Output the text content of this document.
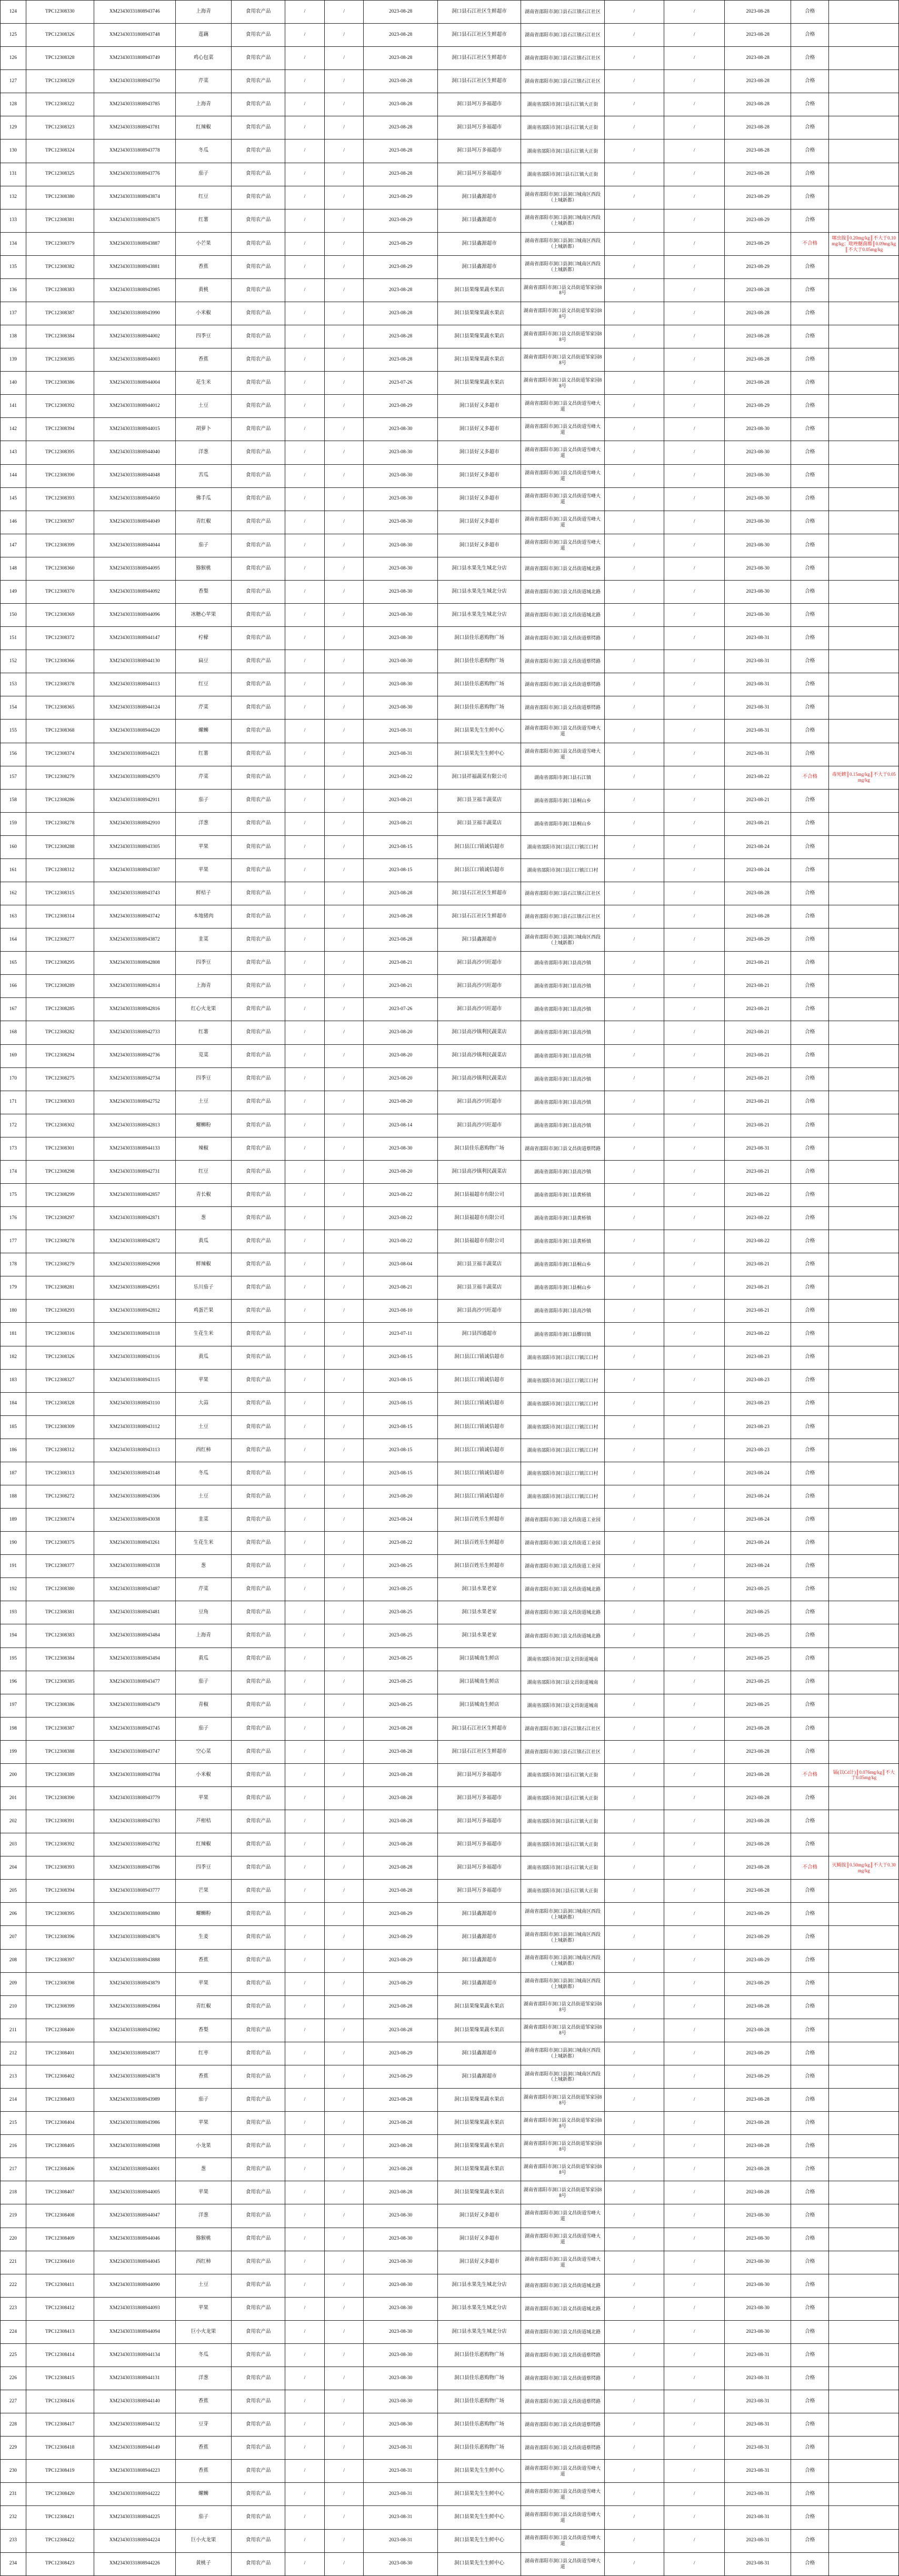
124	TPC12308330	XM23430331808943746	上海青	食用农产品	/	/	2023-08-28	洞口县石江社区生鲜超市	湖南省邵阳市洞口县石江镇石江社区	/	/	2023-08-28	合格	
125	TPC12308326	XM23430331808943748	莲藕	食用农产品	/	/	2023-08-28	洞口县石江社区生鲜超市	湖南省邵阳市洞口县石江镇石江社区	/	/	2023-08-28	合格	
126	TPC12308328	XM23430331808943749	鸡心包菜	食用农产品	/	/	2023-08-28	洞口县石江社区生鲜超市	湖南省邵阳市洞口县石江镇石江社区	/	/	2023-08-28	合格	
127	TPC12308329	XM23430331808943750	芹菜	食用农产品	/	/	2023-08-28	洞口县石江社区生鲜超市	湖南省邵阳市洞口县石江镇石江社区	/	/	2023-08-28	合格	
128	TPC12308322	XM23430331808943785	上海青	食用农产品	/	/	2023-08-28	洞口县坷万多福超市	湖南省邵阳市洞口县石江镇大正街	/	/	2023-08-28	合格	
129	TPC12308323	XM23430331808943781	红辣椒	食用农产品	/	/	2023-08-28	洞口县坷万多福超市	湖南省邵阳市洞口县石江镇大正街	/	/	2023-08-28	合格	
130	TPC12308324	XM23430331808943778	冬瓜	食用农产品	/	/	2023-08-28	洞口县坷万多福超市	湖南省邵阳市洞口县石江镇大正街	/	/	2023-08-28	合格	
131	TPC12308325	XM23430331808943776	茄子	食用农产品	/	/	2023-08-28	洞口县坷万多福超市	湖南省邵阳市洞口县石江镇大正街	/	/	2023-08-28	合格	
132	TPC12308380	XM23430331808943874	红豆	食用农产品	/	/	2023-08-29	洞口县鑫源超市	湖南省邵阳市洞口县洞口城南区西段（上城新都）	/	/	2023-08-29	合格	
133	TPC12308381	XM23430331808943875	红薯	食用农产品	/	/	2023-08-29	洞口县鑫源超市	湖南省邵阳市洞口县洞口城南区西段（上城新都）	/	/	2023-08-29	合格	
134	TPC12308379	XM23430331808943887	小芒果	食用农产品	/	/	2023-08-29	洞口县鑫源超市	湖南省邵阳市洞口县洞口城南区西段（上城新都）	/	/	2023-08-29	不合格	噻虫胺║0.20mg/kg║不大于0.10mg/kg；吡唑醚菌酯║0.09mg/kg║不大于0.05mg/kg
135	TPC12308382	XM23430331808943881	香蕉	食用农产品	/	/	2023-08-29	洞口县鑫源超市	湖南省邵阳市洞口县洞口城南区西段（上城新都）	/	/	2023-08-29	合格	
136	TPC12308383	XM23430331808943985	黄桃	食用农产品	/	/	2023-08-28	洞口县果缘果蔬水果店	湖南省邵阳市洞口县文昌街道邹家园88号	/	/	2023-08-28	合格	
137	TPC12308387	XM23430331808943990	小米椒	食用农产品	/	/	2023-08-28	洞口县果缘果蔬水果店	湖南省邵阳市洞口县文昌街道邹家园88号	/	/	2023-08-28	合格	
138	TPC12308384	XM23430331808944002	四季豆	食用农产品	/	/	2023-08-28	洞口县果缘果蔬水果店	湖南省邵阳市洞口县文昌街道邹家园88号	/	/	2023-08-28	合格	
139	TPC12308385	XM23430331808944003	香蕉	食用农产品	/	/	2023-08-28	洞口县果缘果蔬水果店	湖南省邵阳市洞口县文昌街道邹家园88号	/	/	2023-08-28	合格	
140	TPC12308386	XM23430331808944004	花生米	食用农产品	/	/	2023-07-26	洞口县果缘果蔬水果店	湖南省邵阳市洞口县文昌街道邹家园88号	/	/	2023-08-28	合格	
141	TPC12308392	XM23430331808944012	土豆	食用农产品	/	/	2023-08-29	洞口县好又多超市	湖南省邵阳市洞口县文昌街道雪峰大道	/	/	2023-08-29	合格	
142	TPC12308394	XM23430331808944015	胡萝卜	食用农产品	/	/	2023-08-30	洞口县好又多超市	湖南省邵阳市洞口县文昌街道雪峰大道	/	/	2023-08-30	合格	
143	TPC12308395	XM23430331808944040	洋葱	食用农产品	/	/	2023-08-30	洞口县好又多超市	湖南省邵阳市洞口县文昌街道雪峰大道	/	/	2023-08-30	合格	
144	TPC12308390	XM23430331808944048	苦瓜	食用农产品	/	/	2023-08-30	洞口县好又多超市	湖南省邵阳市洞口县文昌街道雪峰大道	/	/	2023-08-30	合格	
145	TPC12308393	XM23430331808944050	佛手瓜	食用农产品	/	/	2023-08-30	洞口县好又多超市	湖南省邵阳市洞口县文昌街道雪峰大道	/	/	2023-08-30	合格	
146	TPC12308397	XM23430331808944049	青红椒	食用农产品	/	/	2023-08-30	洞口县好又多超市	湖南省邵阳市洞口县文昌街道雪峰大道	/	/	2023-08-30	合格	
147	TPC12308399	XM23430331808944044	茄子	食用农产品	/	/	2023-08-30	洞口县好又多超市	湖南省邵阳市洞口县文昌街道雪峰大道	/	/	2023-08-30	合格	
148	TPC12308360	XM23430331808944095	猕猴桃	食用农产品	/	/	2023-08-30	洞口县水果先生城北分店	湖南省邵阳市洞口县文昌街道城北路	/	/	2023-08-30	合格	
149	TPC12308370	XM23430331808944092	香梨	食用农产品	/	/	2023-08-30	洞口县水果先生城北分店	湖南省邵阳市洞口县文昌街道城北路	/	/	2023-08-30	合格	
150	TPC12308369	XM23430331808944096	冰糖心苹果	食用农产品	/	/	2023-08-30	洞口县水果先生城北分店	湖南省邵阳市洞口县文昌街道城北路	/	/	2023-08-30	合格	
151	TPC12308372	XM23430331808944147	柠檬	食用农产品	/	/	2023-08-30	洞口县佳乐惠购物广场	湖南省邵阳市洞口县文昌街道蔡锷路	/	/	2023-08-31	合格	
152	TPC12308366	XM23430331808944130	扁豆	食用农产品	/	/	2023-08-30	洞口县佳乐惠购物广场	湖南省邵阳市洞口县文昌街道蔡锷路	/	/	2023-08-31	合格	
153	TPC12308378	XM23430331808944113	红豆	食用农产品	/	/	2023-08-30	洞口县佳乐惠购物广场	湖南省邵阳市洞口县文昌街道蔡锷路	/	/	2023-08-31	合格	
154	TPC12308365	XM23430331808944124	芹菜	食用农产品	/	/	2023-08-30	洞口县佳乐惠购物广场	湖南省邵阳市洞口县文昌街道蔡锷路	/	/	2023-08-31	合格	
155	TPC12308368	XM23430331808944220	螺蛳	食用农产品	/	/	2023-08-31	洞口县果先生生鲜中心	湖南省邵阳市洞口县文昌街道雪峰大道	/	/	2023-08-31	合格	
156	TPC12308374	XM23430331808944221	红薯	食用农产品	/	/	2023-08-31	洞口县果先生生鲜中心	湖南省邵阳市洞口县文昌街道雪峰大道	/	/	2023-08-31	合格	
157	TPC12308279	XM23430331808942970	芹菜	食用农产品	/	/	2023-08-22	洞口县祥福蔬菜有限公司	湖南省邵阳市洞口县石江镇	/	/	2023-08-22	不合格	毒死蜱║0.15mg/kg║不大于0.05mg/kg
158	TPC12308286	XM23430331808942911	茄子	食用农产品	/	/	2023-08-21	洞口县卫福丰蔬菜店	湖南省邵阳市洞口县桐山乡	/	/	2023-08-21	合格	
159	TPC12308278	XM23430331808942910	洋葱	食用农产品	/	/	2023-08-21	洞口县卫福丰蔬菜店	湖南省邵阳市洞口县桐山乡	/	/	2023-08-21	合格	
160	TPC12308288	XM23430331808943305	苹果	食用农产品	/	/	2023-08-15	洞口县江口镇诚信超市	湖南省邵阳市洞口县江口镇江口村	/	/	2023-08-24	合格	
161	TPC12308312	XM23430331808943307	苹果	食用农产品	/	/	2023-08-15	洞口县江口镇诚信超市	湖南省邵阳市洞口县江口镇江口村	/	/	2023-08-24	合格	
162	TPC12308315	XM23430331808943743	鲜桔子	食用农产品	/	/	2023-08-28	洞口县石江社区生鲜超市	湖南省邵阳市洞口县石江镇石江社区	/	/	2023-08-28	合格	
163	TPC12308314	XM23430331808943742	本地猪肉	食用农产品	/	/	2023-08-28	洞口县石江社区生鲜超市	湖南省邵阳市洞口县石江镇石江社区	/	/	2023-08-28	合格	
164	TPC12308277	XM23430331808943872	韭菜	食用农产品	/	/	2023-08-28	洞口县鑫源超市	湖南省邵阳市洞口县洞口城南区西段（上城新都）	/	/	2023-08-29	合格	
165	TPC12308295	XM23430331808942808	四季豆	食用农产品	/	/	2023-08-21	洞口县高沙兴旺超市	湖南省邵阳市洞口县高沙镇	/	/	2023-08-21	合格	
166	TPC12308289	XM23430331808942814	上海青	食用农产品	/	/	2023-08-21	洞口县高沙兴旺超市	湖南省邵阳市洞口县高沙镇	/	/	2023-08-21	合格	
167	TPC12308285	XM23430331808942816	红心火龙果	食用农产品	/	/	2023-07-26	洞口县高沙兴旺超市	湖南省邵阳市洞口县高沙镇	/	/	2023-08-21	合格	
168	TPC12308282	XM23430331808942733	红薯	食用农产品	/	/	2023-08-20	洞口县高沙镇利民蔬菜店	湖南省邵阳市洞口县高沙镇	/	/	2023-08-21	合格	
169	TPC12308294	XM23430331808942736	苋菜	食用农产品	/	/	2023-08-20	洞口县高沙镇利民蔬菜店	湖南省邵阳市洞口县高沙镇	/	/	2023-08-21	合格	
170	TPC12308275	XM23430331808942734	四季豆	食用农产品	/	/	2023-08-20	洞口县高沙镇利民蔬菜店	湖南省邵阳市洞口县高沙镇	/	/	2023-08-21	合格	
171	TPC12308303	XM23430331808942752	土豆	食用农产品	/	/	2023-08-20	洞口县高沙兴旺超市	湖南省邵阳市洞口县高沙镇	/	/	2023-08-21	合格	
172	TPC12308302	XM23430331808942813	螺蛳粉	食用农产品	/	/	2023-08-14	洞口县高沙兴旺超市	湖南省邵阳市洞口县高沙镇	/	/	2023-08-21	合格	
173	TPC12308301	XM23430331808944133	辣椒	食用农产品	/	/	2023-08-30	洞口县佳乐惠购物广场	湖南省邵阳市洞口县文昌街道蔡锷路	/	/	2023-08-31	合格	
174	TPC12308298	XM23430331808942731	红豆	食用农产品	/	/	2023-08-20	洞口县高沙镇利民蔬菜店	湖南省邵阳市洞口县高沙镇	/	/	2023-08-21	合格	
175	TPC12308299	XM23430331808942857	青长椒	食用农产品	/	/	2023-08-22	洞口县福超市有限公司	湖南省邵阳市洞口县黄桥镇	/	/	2023-08-22	合格	
176	TPC12308297	XM23430331808942871	葱	食用农产品	/	/	2023-08-22	洞口县福超市有限公司	湖南省邵阳市洞口县黄桥镇	/	/	2023-08-22	合格	
177	TPC12308278	XM23430331808942872	黄瓜	食用农产品	/	/	2023-08-22	洞口县福超市有限公司	湖南省邵阳市洞口县黄桥镇	/	/	2023-08-22	合格	
178	TPC12308279	XM23430331808942908	鲜辣椒	食用农产品	/	/	2023-08-04	洞口县卫福丰蔬菜店	湖南省邵阳市洞口县桐山乡	/	/	2023-08-21	合格	
179	TPC12308281	XM23430331808942951	乐川茄子	食用农产品	/	/	2023-08-21	洞口县卫福丰蔬菜店	湖南省邵阳市洞口县桐山乡	/	/	2023-08-21	合格	
180	TPC12308293	XM23430331808942812	鸡蛋芒果	食用农产品	/	/	2023-08-10	洞口县高沙兴旺超市	湖南省邵阳市洞口县高沙镇	/	/	2023-08-21	合格	
181	TPC12308316	XM23430331808943118	生花生米	食用农产品	/	/	2023-07-11	洞口县四通超市	湖南省邵阳市洞口县醪田镇	/	/	2023-08-22	合格	
182	TPC12308326	XM23430331808943116	黄瓜	食用农产品	/	/	2023-08-15	洞口县江口镇诚信超市	湖南省邵阳市洞口县江口镇江口村	/	/	2023-08-23	合格	
183	TPC12308327	XM23430331808943115	苹果	食用农产品	/	/	2023-08-15	洞口县江口镇诚信超市	湖南省邵阳市洞口县江口镇江口村	/	/	2023-08-23	合格	
184	TPC12308328	XM23430331808943110	大蒜	食用农产品	/	/	2023-08-15	洞口县江口镇诚信超市	湖南省邵阳市洞口县江口镇江口村	/	/	2023-08-23	合格	
185	TPC12308309	XM23430331808943112	土豆	食用农产品	/	/	2023-08-15	洞口县江口镇诚信超市	湖南省邵阳市洞口县江口镇江口村	/	/	2023-08-23	合格	
186	TPC12308312	XM23430331808943113	西红柿	食用农产品	/	/	2023-08-15	洞口县江口镇诚信超市	湖南省邵阳市洞口县江口镇江口村	/	/	2023-08-23	合格	
187	TPC12308313	XM23430331808943148	冬瓜	食用农产品	/	/	2023-08-15	洞口县江口镇诚信超市	湖南省邵阳市洞口县江口镇江口村	/	/	2023-08-24	合格	
188	TPC12308272	XM23430331808943306	土豆	食用农产品	/	/	2023-08-20	洞口县江口镇诚信超市	湖南省邵阳市洞口县江口镇江口村	/	/	2023-08-24	合格	
189	TPC12308374	XM23430331808943038	韭菜	食用农产品	/	/	2023-08-24	洞口县百姓乐生鲜超市	湖南省邵阳市洞口县文昌街道工业园	/	/	2023-08-24	合格	
190	TPC12308375	XM23430331808943261	生花生米	食用农产品	/	/	2023-08-22	洞口县百姓乐生鲜超市	湖南省邵阳市洞口县文昌街道工业园	/	/	2023-08-24	合格	
191	TPC12308377	XM23430331808943338	葱	食用农产品	/	/	2023-08-25	洞口县百姓乐生鲜超市	湖南省邵阳市洞口县文昌街道工业园	/	/	2023-08-24	合格	
192	TPC12308380	XM23430331808943487	芹菜	食用农产品	/	/	2023-08-25	洞口县水果老家	湖南省邵阳市洞口县文昌街道城北路	/	/	2023-08-25	合格	
193	TPC12308381	XM23430331808943481	豆角	食用农产品	/	/	2023-08-25	洞口县水果老家	湖南省邵阳市洞口县文昌街道城北路	/	/	2023-08-25	合格	
194	TPC12308383	XM23430331808943484	上海青	食用农产品	/	/	2023-08-25	洞口县水果老家	湖南省邵阳市洞口县文昌街道城北路	/	/	2023-08-25	合格	
195	TPC12308384	XM23430331808943494	黄瓜	食用农产品	/	/	2023-08-25	洞口县城南生鲜店	湖南省邵阳市洞口县文昌街道城南	/	/	2023-08-25	合格	
196	TPC12308385	XM23430331808943477	茄子	食用农产品	/	/	2023-08-25	洞口县城南生鲜店	湖南省邵阳市洞口县文昌街道城南	/	/	2023-08-25	合格	
197	TPC12308386	XM23430331808943479	青椒	食用农产品	/	/	2023-08-25	洞口县城南生鲜店	湖南省邵阳市洞口县文昌街道城南	/	/	2023-08-25	合格	
198	TPC12308387	XM23430331808943745	茄子	食用农产品	/	/	2023-08-28	洞口县石江社区生鲜超市	湖南省邵阳市洞口县石江镇石江社区	/	/	2023-08-28	合格	
199	TPC12308388	XM23430331808943747	空心菜	食用农产品	/	/	2023-08-28	洞口县石江社区生鲜超市	湖南省邵阳市洞口县石江镇石江社区	/	/	2023-08-28	合格	
200	TPC12308389	XM23430331808943784	小米椒	食用农产品	/	/	2023-08-28	洞口县坷万多福超市	湖南省邵阳市洞口县石江镇大正街	/	/	2023-08-28	不合格	镉(以Cd计)║0.076mg/kg║不大于0.05mg/kg
201	TPC12308390	XM23430331808943779	苹果	食用农产品	/	/	2023-08-28	洞口县坷万多福超市	湖南省邵阳市洞口县石江镇大正街	/	/	2023-08-28	合格	
202	TPC12308391	XM23430331808943783	芦柑桔	食用农产品	/	/	2023-08-28	洞口县坷万多福超市	湖南省邵阳市洞口县石江镇大正街	/	/	2023-08-28	合格	
203	TPC12308392	XM23430331808943782	红辣椒	食用农产品	/	/	2023-08-28	洞口县坷万多福超市	湖南省邵阳市洞口县石江镇大正街	/	/	2023-08-28	合格	
204	TPC12308393	XM23430331808943786	四季豆	食用农产品	/	/	2023-08-28	洞口县坷万多福超市	湖南省邵阳市洞口县石江镇大正街	/	/	2023-08-28	不合格	灭蝇胺║0.50mg/kg║不大于0.30mg/kg
205	TPC12308394	XM23430331808943777	芒果	食用农产品	/	/	2023-08-28	洞口县坷万多福超市	湖南省邵阳市洞口县石江镇大正街	/	/	2023-08-28	合格	
206	TPC12308395	XM23430331808943880	螺蛳粉	食用农产品	/	/	2023-08-29	洞口县鑫源超市	湖南省邵阳市洞口县洞口城南区西段（上城新都）	/	/	2023-08-29	合格	
207	TPC12308396	XM23430331808943876	生姜	食用农产品	/	/	2023-08-29	洞口县鑫源超市	湖南省邵阳市洞口县洞口城南区西段（上城新都）	/	/	2023-08-29	合格	
208	TPC12308397	XM23430331808943888	香蕉	食用农产品	/	/	2023-08-29	洞口县鑫源超市	湖南省邵阳市洞口县洞口城南区西段（上城新都）	/	/	2023-08-29	合格	
209	TPC12308398	XM23430331808943879	苹果	食用农产品	/	/	2023-08-29	洞口县鑫源超市	湖南省邵阳市洞口县洞口城南区西段（上城新都）	/	/	2023-08-29	合格	
210	TPC12308399	XM23430331808943984	青红椒	食用农产品	/	/	2023-08-28	洞口县果缘果蔬水果店	湖南省邵阳市洞口县文昌街道邹家园88号	/	/	2023-08-28	合格	
211	TPC12308400	XM23430331808943982	香梨	食用农产品	/	/	2023-08-28	洞口县果缘果蔬水果店	湖南省邵阳市洞口县文昌街道邹家园88号	/	/	2023-08-28	合格	
212	TPC12308401	XM23430331808943877	红枣	食用农产品	/	/	2023-08-29	洞口县鑫源超市	湖南省邵阳市洞口县洞口城南区西段（上城新都）	/	/	2023-08-29	合格	
213	TPC12308402	XM23430331808943878	香蕉	食用农产品	/	/	2023-08-29	洞口县鑫源超市	湖南省邵阳市洞口县洞口城南区西段（上城新都）	/	/	2023-08-29	合格	
214	TPC12308403	XM23430331808943989	茄子	食用农产品	/	/	2023-08-28	洞口县果缘果蔬水果店	湖南省邵阳市洞口县文昌街道邹家园88号	/	/	2023-08-28	合格	
215	TPC12308404	XM23430331808943986	苹果	食用农产品	/	/	2023-08-28	洞口县果缘果蔬水果店	湖南省邵阳市洞口县文昌街道邹家园88号	/	/	2023-08-28	合格	
216	TPC12308405	XM23430331808943988	小龙果	食用农产品	/	/	2023-08-28	洞口县果缘果蔬水果店	湖南省邵阳市洞口县文昌街道邹家园88号	/	/	2023-08-28	合格	
217	TPC12308406	XM23430331808944001	葱	食用农产品	/	/	2023-08-28	洞口县果缘果蔬水果店	湖南省邵阳市洞口县文昌街道邹家园88号	/	/	2023-08-28	合格	
218	TPC12308407	XM23430331808944005	苹果	食用农产品	/	/	2023-08-28	洞口县果缘果蔬水果店	湖南省邵阳市洞口县文昌街道邹家园88号	/	/	2023-08-28	合格	
219	TPC12308408	XM23430331808944047	洋葱	食用农产品	/	/	2023-08-30	洞口县好又多超市	湖南省邵阳市洞口县文昌街道雪峰大道	/	/	2023-08-30	合格	
220	TPC12308409	XM23430331808944046	猕猴桃	食用农产品	/	/	2023-08-30	洞口县好又多超市	湖南省邵阳市洞口县文昌街道雪峰大道	/	/	2023-08-30	合格	
221	TPC12308410	XM23430331808944045	西红柿	食用农产品	/	/	2023-08-30	洞口县好又多超市	湖南省邵阳市洞口县文昌街道雪峰大道	/	/	2023-08-30	合格	
222	TPC12308411	XM23430331808944090	土豆	食用农产品	/	/	2023-08-30	洞口县水果先生城北分店	湖南省邵阳市洞口县文昌街道城北路	/	/	2023-08-30	合格	
223	TPC12308412	XM23430331808944093	苹果	食用农产品	/	/	2023-08-30	洞口县水果先生城北分店	湖南省邵阳市洞口县文昌街道城北路	/	/	2023-08-30	合格	
224	TPC12308413	XM23430331808944094	巨小火龙果	食用农产品	/	/	2023-08-30	洞口县水果先生城北分店	湖南省邵阳市洞口县文昌街道城北路	/	/	2023-08-30	合格	
225	TPC12308414	XM23430331808944134	冬瓜	食用农产品	/	/	2023-08-30	洞口县佳乐惠购物广场	湖南省邵阳市洞口县文昌街道蔡锷路	/	/	2023-08-31	合格	
226	TPC12308415	XM23430331808944131	洋葱	食用农产品	/	/	2023-08-30	洞口县佳乐惠购物广场	湖南省邵阳市洞口县文昌街道蔡锷路	/	/	2023-08-31	合格	
227	TPC12308416	XM23430331808944140	香蕉	食用农产品	/	/	2023-08-30	洞口县佳乐惠购物广场	湖南省邵阳市洞口县文昌街道蔡锷路	/	/	2023-08-31	合格	
228	TPC12308417	XM23430331808944132	豆芽	食用农产品	/	/	2023-08-30	洞口县佳乐惠购物广场	湖南省邵阳市洞口县文昌街道蔡锷路	/	/	2023-08-31	合格	
229	TPC12308418	XM23430331808944149	香蕉	食用农产品	/	/	2023-08-31	洞口县佳乐惠购物广场	湖南省邵阳市洞口县文昌街道蔡锷路	/	/	2023-08-31	合格	
230	TPC12308419	XM23430331808944223	香蕉	食用农产品	/	/	2023-08-31	洞口县果先生生鲜中心	湖南省邵阳市洞口县文昌街道雪峰大道	/	/	2023-08-31	合格	
231	TPC12308420	XM23430331808944222	螺蛳	食用农产品	/	/	2023-08-31	洞口县果先生生鲜中心	湖南省邵阳市洞口县文昌街道雪峰大道	/	/	2023-08-31	合格	
232	TPC12308421	XM23430331808944225	茄子	食用农产品	/	/	2023-08-31	洞口县果先生生鲜中心	湖南省邵阳市洞口县文昌街道雪峰大道	/	/	2023-08-31	合格	
233	TPC12308422	XM23430331808944224	巨小火龙果	食用农产品	/	/	2023-08-31	洞口县果先生生鲜中心	湖南省邵阳市洞口县文昌街道雪峰大道	/	/	2023-08-31	合格	
234	TPC12308423	XM23430331808944226	黄桃子	食用农产品	/	/	2023-08-30	洞口县果先生生鲜中心	湖南省邵阳市洞口县文昌街道雪峰大道	/	/	2023-08-31	合格	
